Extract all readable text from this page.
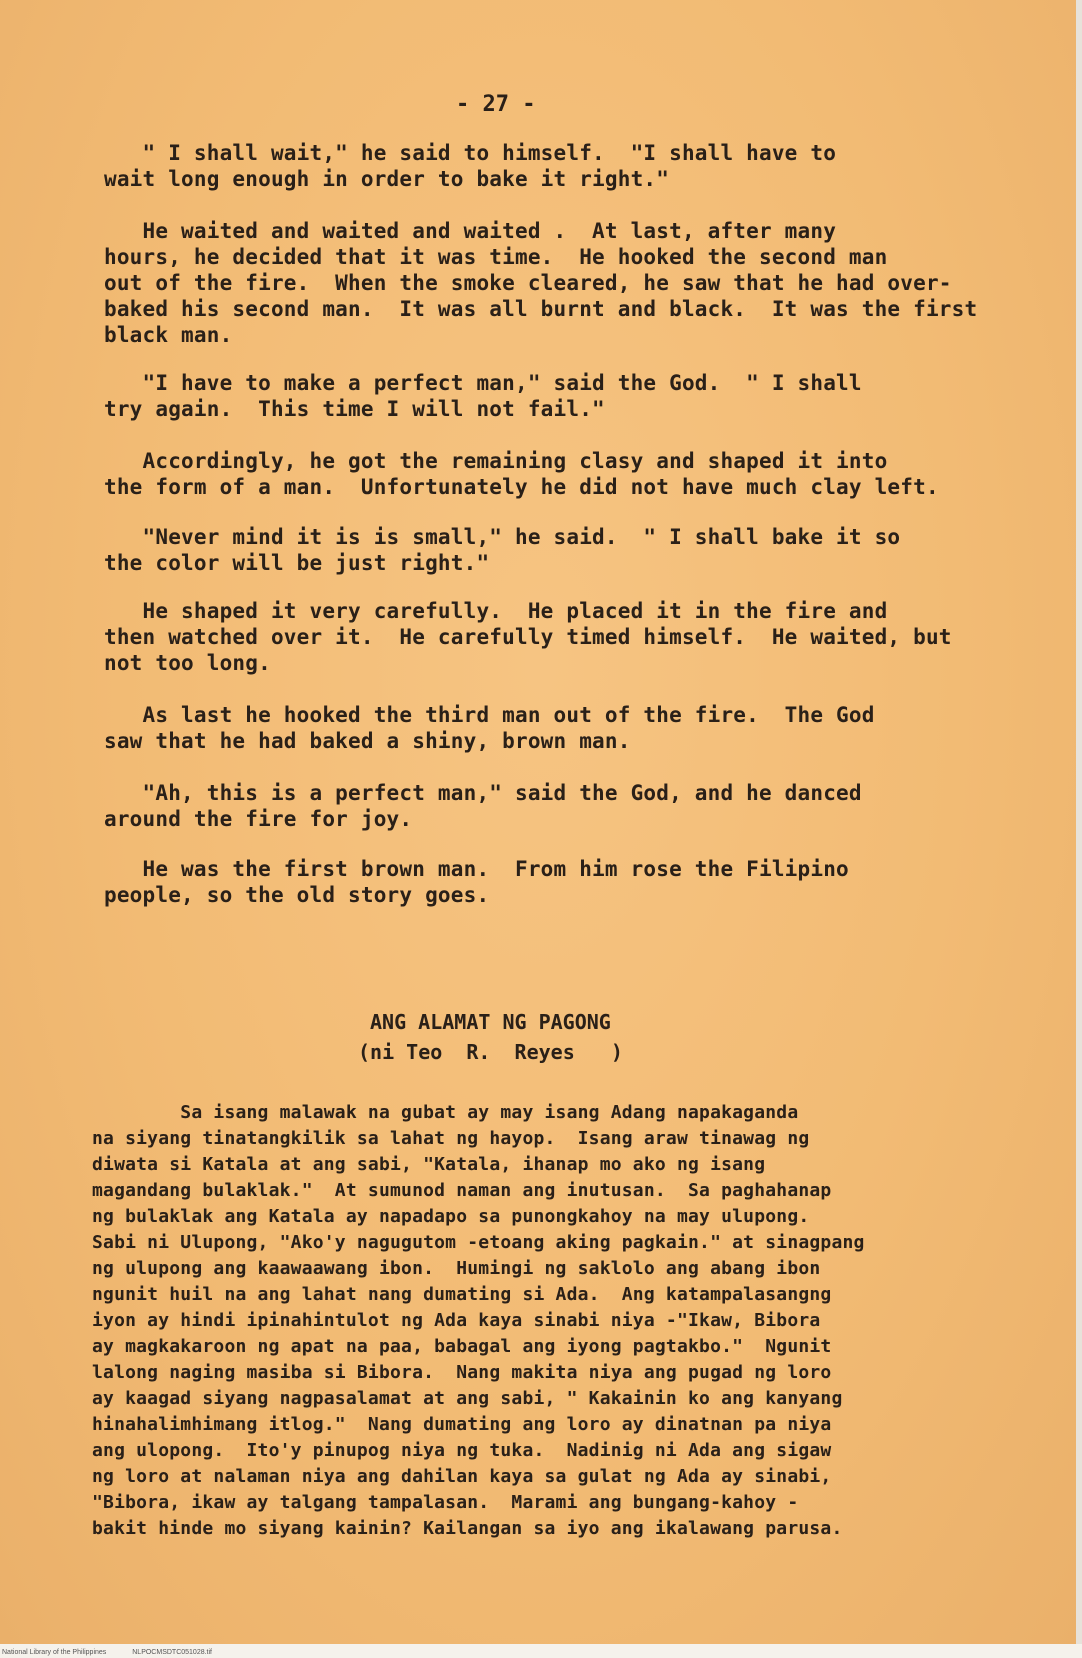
- 27 -

" I shall wait," he said to himself.  "I shall have to
wait long enough in order to bake it right."

He waited and waited and waited .  At last, after many
hours, he decided that it was time.  He hooked the second man
out of the fire.  When the smoke cleared, he saw that he had over-
baked his second man.  It was all burnt and black.  It was the first
black man.

"I have to make a perfect man," said the God.  " I shall
try again.  This time I will not fail."

Accordingly, he got the remaining clasy and shaped it into
the form of a man.  Unfortunately he did not have much clay left.

"Never mind it is is small," he said.  " I shall bake it so
the color will be just right."

He shaped it very carefully.  He placed it in the fire and
then watched over it.  He carefully timed himself.  He waited, but
not too long.

As last he hooked the third man out of the fire.  The God
saw that he had baked a shiny, brown man.

"Ah, this is a perfect man," said the God, and he danced
around the fire for joy.

He was the first brown man.  From him rose the Filipino
people, so the old story goes.

ANG ALAMAT NG PAGONG
(ni Teo  R.  Reyes   )

Sa isang malawak na gubat ay may isang Adang napakaganda
na siyang tinatangkilik sa lahat ng hayop.  Isang araw tinawag ng
diwata si Katala at ang sabi, "Katala, ihanap mo ako ng isang
magandang bulaklak."  At sumunod naman ang inutusan.  Sa paghahanap
ng bulaklak ang Katala ay napadapo sa punongkahoy na may ulupong.
Sabi ni Ulupong, "Ako'y nagugutom -etoang aking pagkain." at sinagpang
ng ulupong ang kaawaawang ibon.  Humingi ng saklolo ang abang ibon
ngunit huil na ang lahat nang dumating si Ada.  Ang katampalasangng
iyon ay hindi ipinahintulot ng Ada kaya sinabi niya -"Ikaw, Bibora
ay magkakaroon ng apat na paa, babagal ang iyong pagtakbo."  Ngunit
lalong naging masiba si Bibora.  Nang makita niya ang pugad ng loro
ay kaagad siyang nagpasalamat at ang sabi, " Kakainin ko ang kanyang
hinahalimhimang itlog."  Nang dumating ang loro ay dinatnan pa niya
ang ulopong.  Ito'y pinupog niya ng tuka.  Nadinig ni Ada ang sigaw
ng loro at nalaman niya ang dahilan kaya sa gulat ng Ada ay sinabi,
"Bibora, ikaw ay talgang tampalasan.  Marami ang bungang-kahoy -
bakit hinde mo siyang kainin? Kailangan sa iyo ang ikalawang parusa.

National Library of the Philippines	NLPOCMSDTC051028.tif
